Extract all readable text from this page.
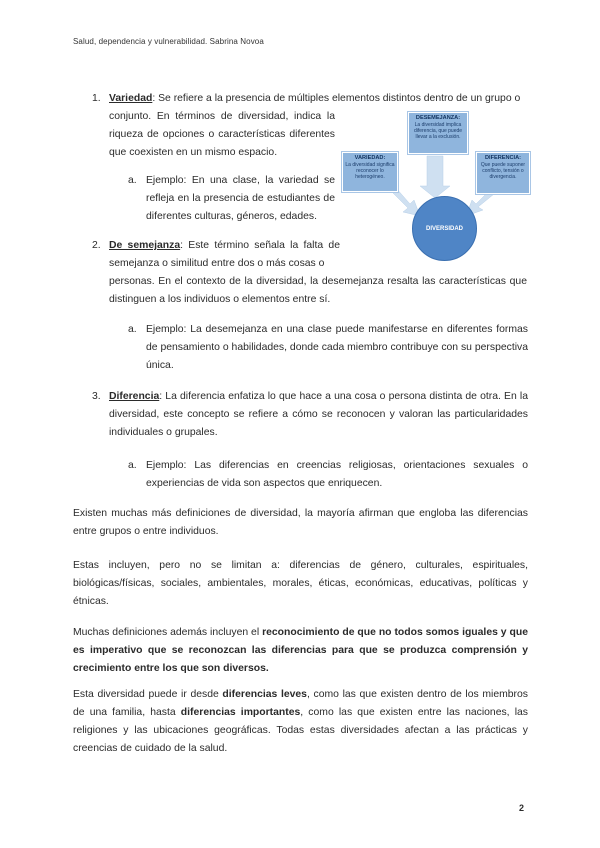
Salud, dependencia y vulnerabilidad. Sabrina Novoa
1. Variedad: Se refiere a la presencia de múltiples elementos distintos dentro de un grupo o

conjunto. En términos de diversidad, indica la riqueza de opciones o características diferentes que coexisten en un mismo espacio.
a. Ejemplo: En una clase, la variedad se refleja en la presencia de estudiantes de diferentes culturas, géneros, edades.

DESEMEJANZA:
La diversidad implica diferencia, que puede llevar a la exclusión.
VARIEDAD:
La diversidad significa reconocer lo heterogéneo.
DIFERENCIA:
Que puede suponer conflicto, tensión o divergencia.
DIVERSIDAD
2. De semejanza: Este término señala la falta de semejanza o similitud entre dos o más cosas o

personas. En el contexto de la diversidad, la desemejanza resalta las características que distinguen a los individuos o elementos entre sí.
a. Ejemplo: La desemejanza en una clase puede manifestarse en diferentes formas de pensamiento o habilidades, donde cada miembro contribuye con su perspectiva única.

3. Diferencia: La diferencia enfatiza lo que hace a una cosa o persona distinta de otra. En la diversidad, este concepto se refiere a cómo se reconocen y valoran las particularidades individuales o grupales.

a. Ejemplo: Las diferencias en creencias religiosas, orientaciones sexuales o experiencias de vida son aspectos que enriquecen.

Existen muchas más definiciones de diversidad, la mayoría afirman que engloba las diferencias entre grupos o entre individuos.
Estas incluyen, pero no se limitan a: diferencias de género, culturales, espirituales, biológicas/físicas, sociales, ambientales, morales, éticas, económicas, educativas, políticas y étnicas.
Muchas definiciones además incluyen el reconocimiento de que no todos somos iguales y que es imperativo que se reconozcan las diferencias para que se produzca comprensión y crecimiento entre los que son diversos.
Esta diversidad puede ir desde diferencias leves, como las que existen dentro de los miembros de una familia, hasta diferencias importantes, como las que existen entre las naciones, las religiones y las ubicaciones geográficas. Todas estas diversidades afectan a las prácticas y creencias de cuidado de la salud.
2
